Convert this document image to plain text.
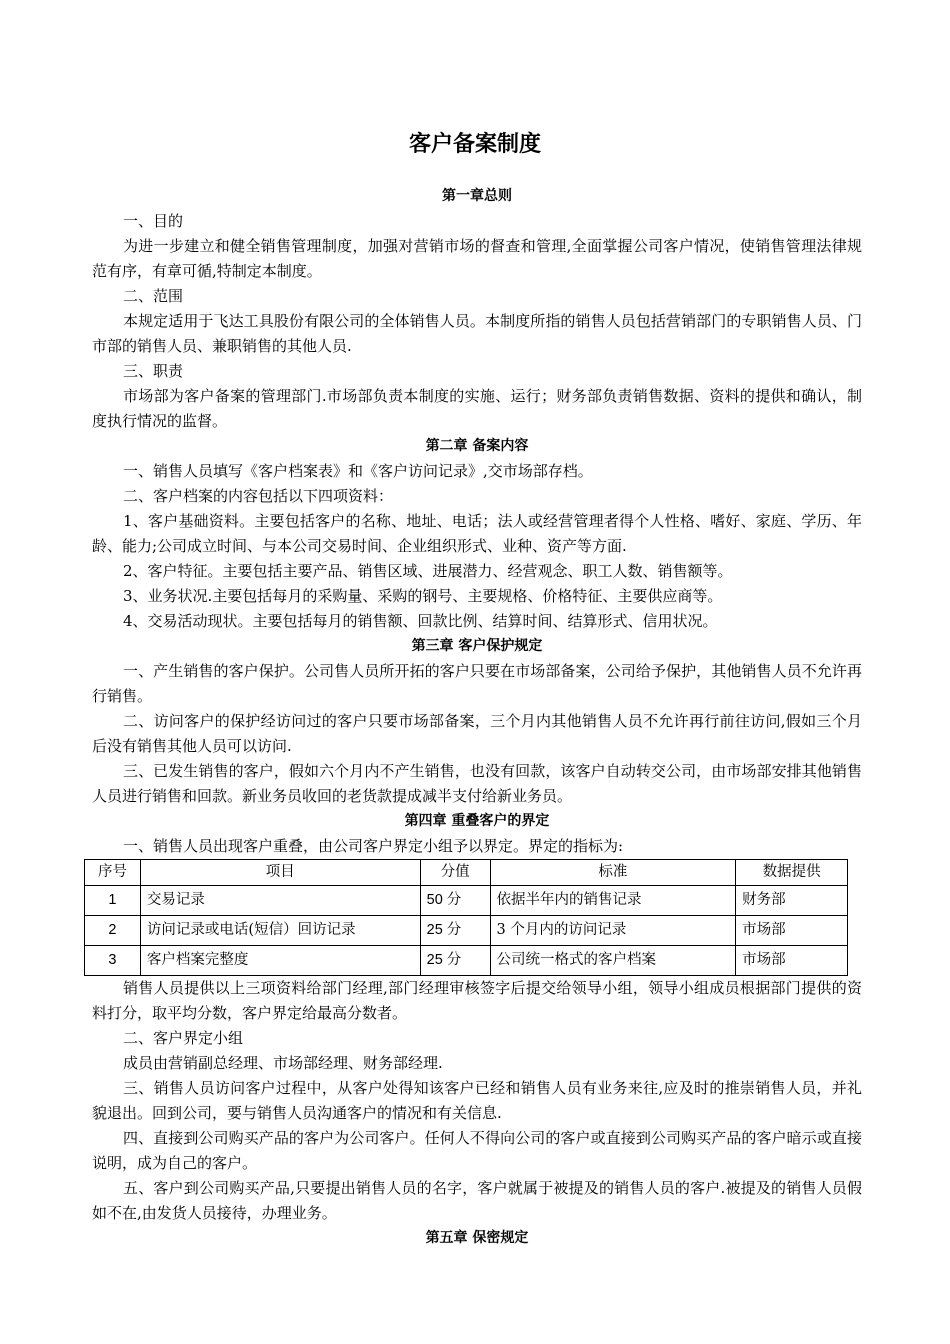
客户备案制度
第一章总则

一、目的

为进一步建立和健全销售管理制度，加强对营销市场的督查和管理,全面掌握公司客户情况，使销售管理法律规范有序，有章可循,特制定本制度。

二、范围

本规定适用于飞达工具股份有限公司的全体销售人员。本制度所指的销售人员包括营销部门的专职销售人员、门市部的销售人员、兼职销售的其他人员.

三、职责

市场部为客户备案的管理部门.市场部负责本制度的实施、运行；财务部负责销售数据、资料的提供和确认，制度执行情况的监督。

第二章 备案内容

一、销售人员填写《客户档案表》和《客户访问记录》,交市场部存档。

二、客户档案的内容包括以下四项资料：

1、客户基础资料。主要包括客户的名称、地址、电话；法人或经营管理者得个人性格、嗜好、家庭、学历、年龄、能力;公司成立时间、与本公司交易时间、企业组织形式、业种、资产等方面.

2、客户特征。主要包括主要产品、销售区域、进展潜力、经营观念、职工人数、销售额等。

3、业务状况.主要包括每月的采购量、采购的钢号、主要规格、价格特征、主要供应商等。

4、交易活动现状。主要包括每月的销售额、回款比例、结算时间、结算形式、信用状况。

第三章 客户保护规定

一、产生销售的客户保护。公司售人员所开拓的客户只要在市场部备案，公司给予保护，其他销售人员不允许再行销售。

二、访问客户的保护经访问过的客户只要市场部备案，三个月内其他销售人员不允许再行前往访问,假如三个月后没有销售其他人员可以访问.

三、已发生销售的客户，假如六个月内不产生销售，也没有回款，该客户自动转交公司，由市场部安排其他销售人员进行销售和回款。新业务员收回的老货款提成减半支付给新业务员。

第四章 重叠客户的界定

一、销售人员出现客户重叠，由公司客户界定小组予以界定。界定的指标为:

序号	项目	分值	标准	数据提供
1	交易记录	50 分	依据半年内的销售记录	财务部
2	访问记录或电话(短信）回访记录	25 分	3 个月内的访问记录	市场部
3	客户档案完整度	25 分	公司统一格式的客户档案	市场部

销售人员提供以上三项资料给部门经理,部门经理审核签字后提交给领导小组，领导小组成员根据部门提供的资料打分，取平均分数，客户界定给最高分数者。

二、客户界定小组

成员由营销副总经理、市场部经理、财务部经理.

三、销售人员访问客户过程中，从客户处得知该客户已经和销售人员有业务来往,应及时的推崇销售人员，并礼貌退出。回到公司，要与销售人员沟通客户的情况和有关信息.

四、直接到公司购买产品的客户为公司客户。任何人不得向公司的客户或直接到公司购买产品的客户暗示或直接说明，成为自己的客户。

五、客户到公司购买产品,只要提出销售人员的名字，客户就属于被提及的销售人员的客户.被提及的销售人员假如不在,由发货人员接待，办理业务。

第五章 保密规定
